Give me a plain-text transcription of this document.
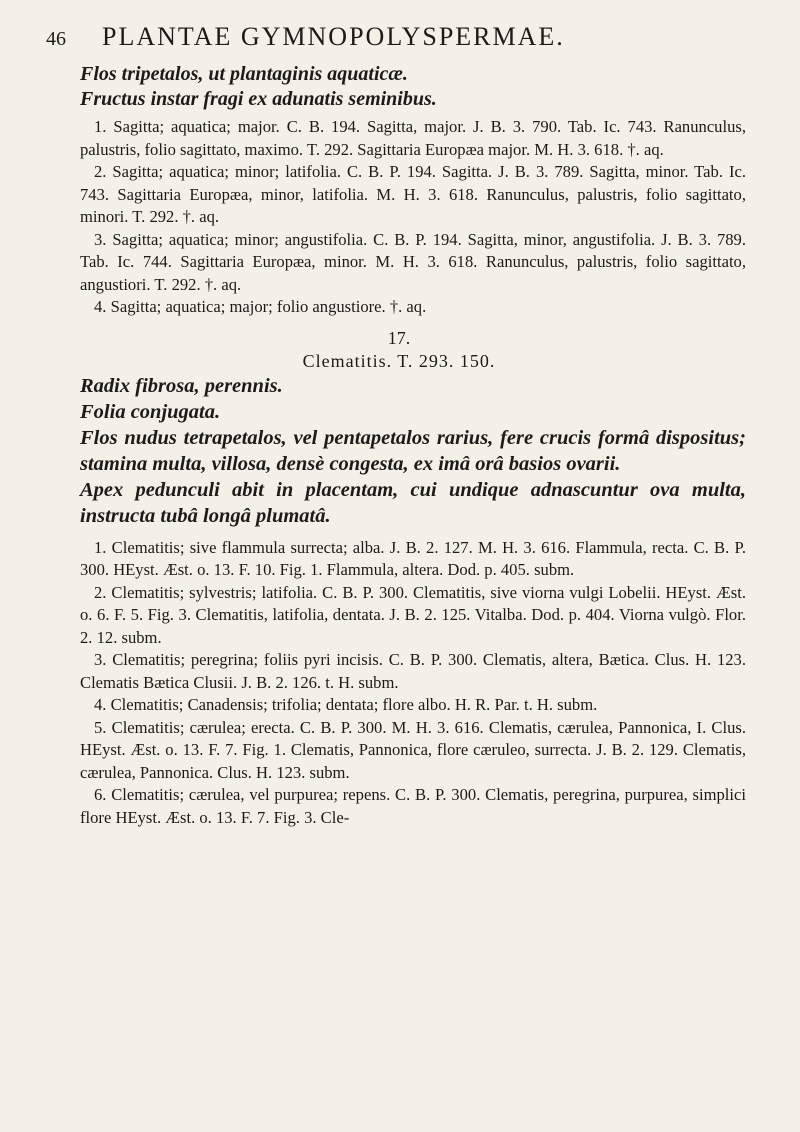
46	PLANTAE GYMNOPOLYSPERMAE.
Flos tripetalos, ut plantaginis aquaticæ.
Fructus instar fragi ex adunatis seminibus.

1. Sagitta; aquatica; major. C. B. 194. Sagitta, major. J. B. 3. 790. Tab. Ic. 743. Ranunculus, palustris, folio sagittato, maximo. T. 292. Sagittaria Europæa major. M. H. 3. 618. †. aq.

2. Sagitta; aquatica; minor; latifolia. C. B. P. 194. Sagitta. J. B. 3. 789. Sagitta, minor. Tab. Ic. 743. Sagittaria Europæa, minor, latifolia. M. H. 3. 618. Ranunculus, palustris, folio sagittato, minori. T. 292. †. aq.

3. Sagitta; aquatica; minor; angustifolia. C. B. P. 194. Sagitta, minor, angustifolia. J. B. 3. 789. Tab. Ic. 744. Sagittaria Europæa, minor. M. H. 3. 618. Ranunculus, palustris, folio sagittato, angustiori. T. 292. †. aq.

4. Sagitta; aquatica; major; folio angustiore. †. aq.

17.
Clematitis. T. 293. 150.
Radix fibrosa, perennis.
Folia conjugata.
Flos nudus tetrapetalos, vel pentapetalos rarius, fere crucis formâ dispositus; stamina multa, villosa, densè congesta, ex imâ orâ basios ovarii.
Apex pedunculi abit in placentam, cui undique adnascuntur ova multa, instructa tubâ longâ plumatâ.

1. Clematitis; sive flammula surrecta; alba. J. B. 2. 127. M. H. 3. 616. Flammula, recta. C. B. P. 300. HEyst. Æst. o. 13. F. 10. Fig. 1. Flammula, altera. Dod. p. 405. subm.

2. Clematitis; sylvestris; latifolia. C. B. P. 300. Clematitis, sive viorna vulgi Lobelii. HEyst. Æst. o. 6. F. 5. Fig. 3. Clematitis, latifolia, dentata. J. B. 2. 125. Vitalba. Dod. p. 404. Viorna vulgò. Flor. 2. 12. subm.

3. Clematitis; peregrina; foliis pyri incisis. C. B. P. 300. Clematis, altera, Bætica. Clus. H. 123. Clematis Bætica Clusii. J. B. 2. 126. t. H. subm.

4. Clematitis; Canadensis; trifolia; dentata; flore albo. H. R. Par. t. H. subm.

5. Clematitis; cærulea; erecta. C. B. P. 300. M. H. 3. 616. Clematis, cærulea, Pannonica, I. Clus. HEyst. Æst. o. 13. F. 7. Fig. 1. Clematis, Pannonica, flore cæruleo, surrecta. J. B. 2. 129. Clematis, cærulea, Pannonica. Clus. H. 123. subm.

6. Clematitis; cærulea, vel purpurea; repens. C. B. P. 300. Clematis, peregrina, purpurea, simplici flore HEyst. Æst. o. 13. F. 7. Fig. 3. Cle-
